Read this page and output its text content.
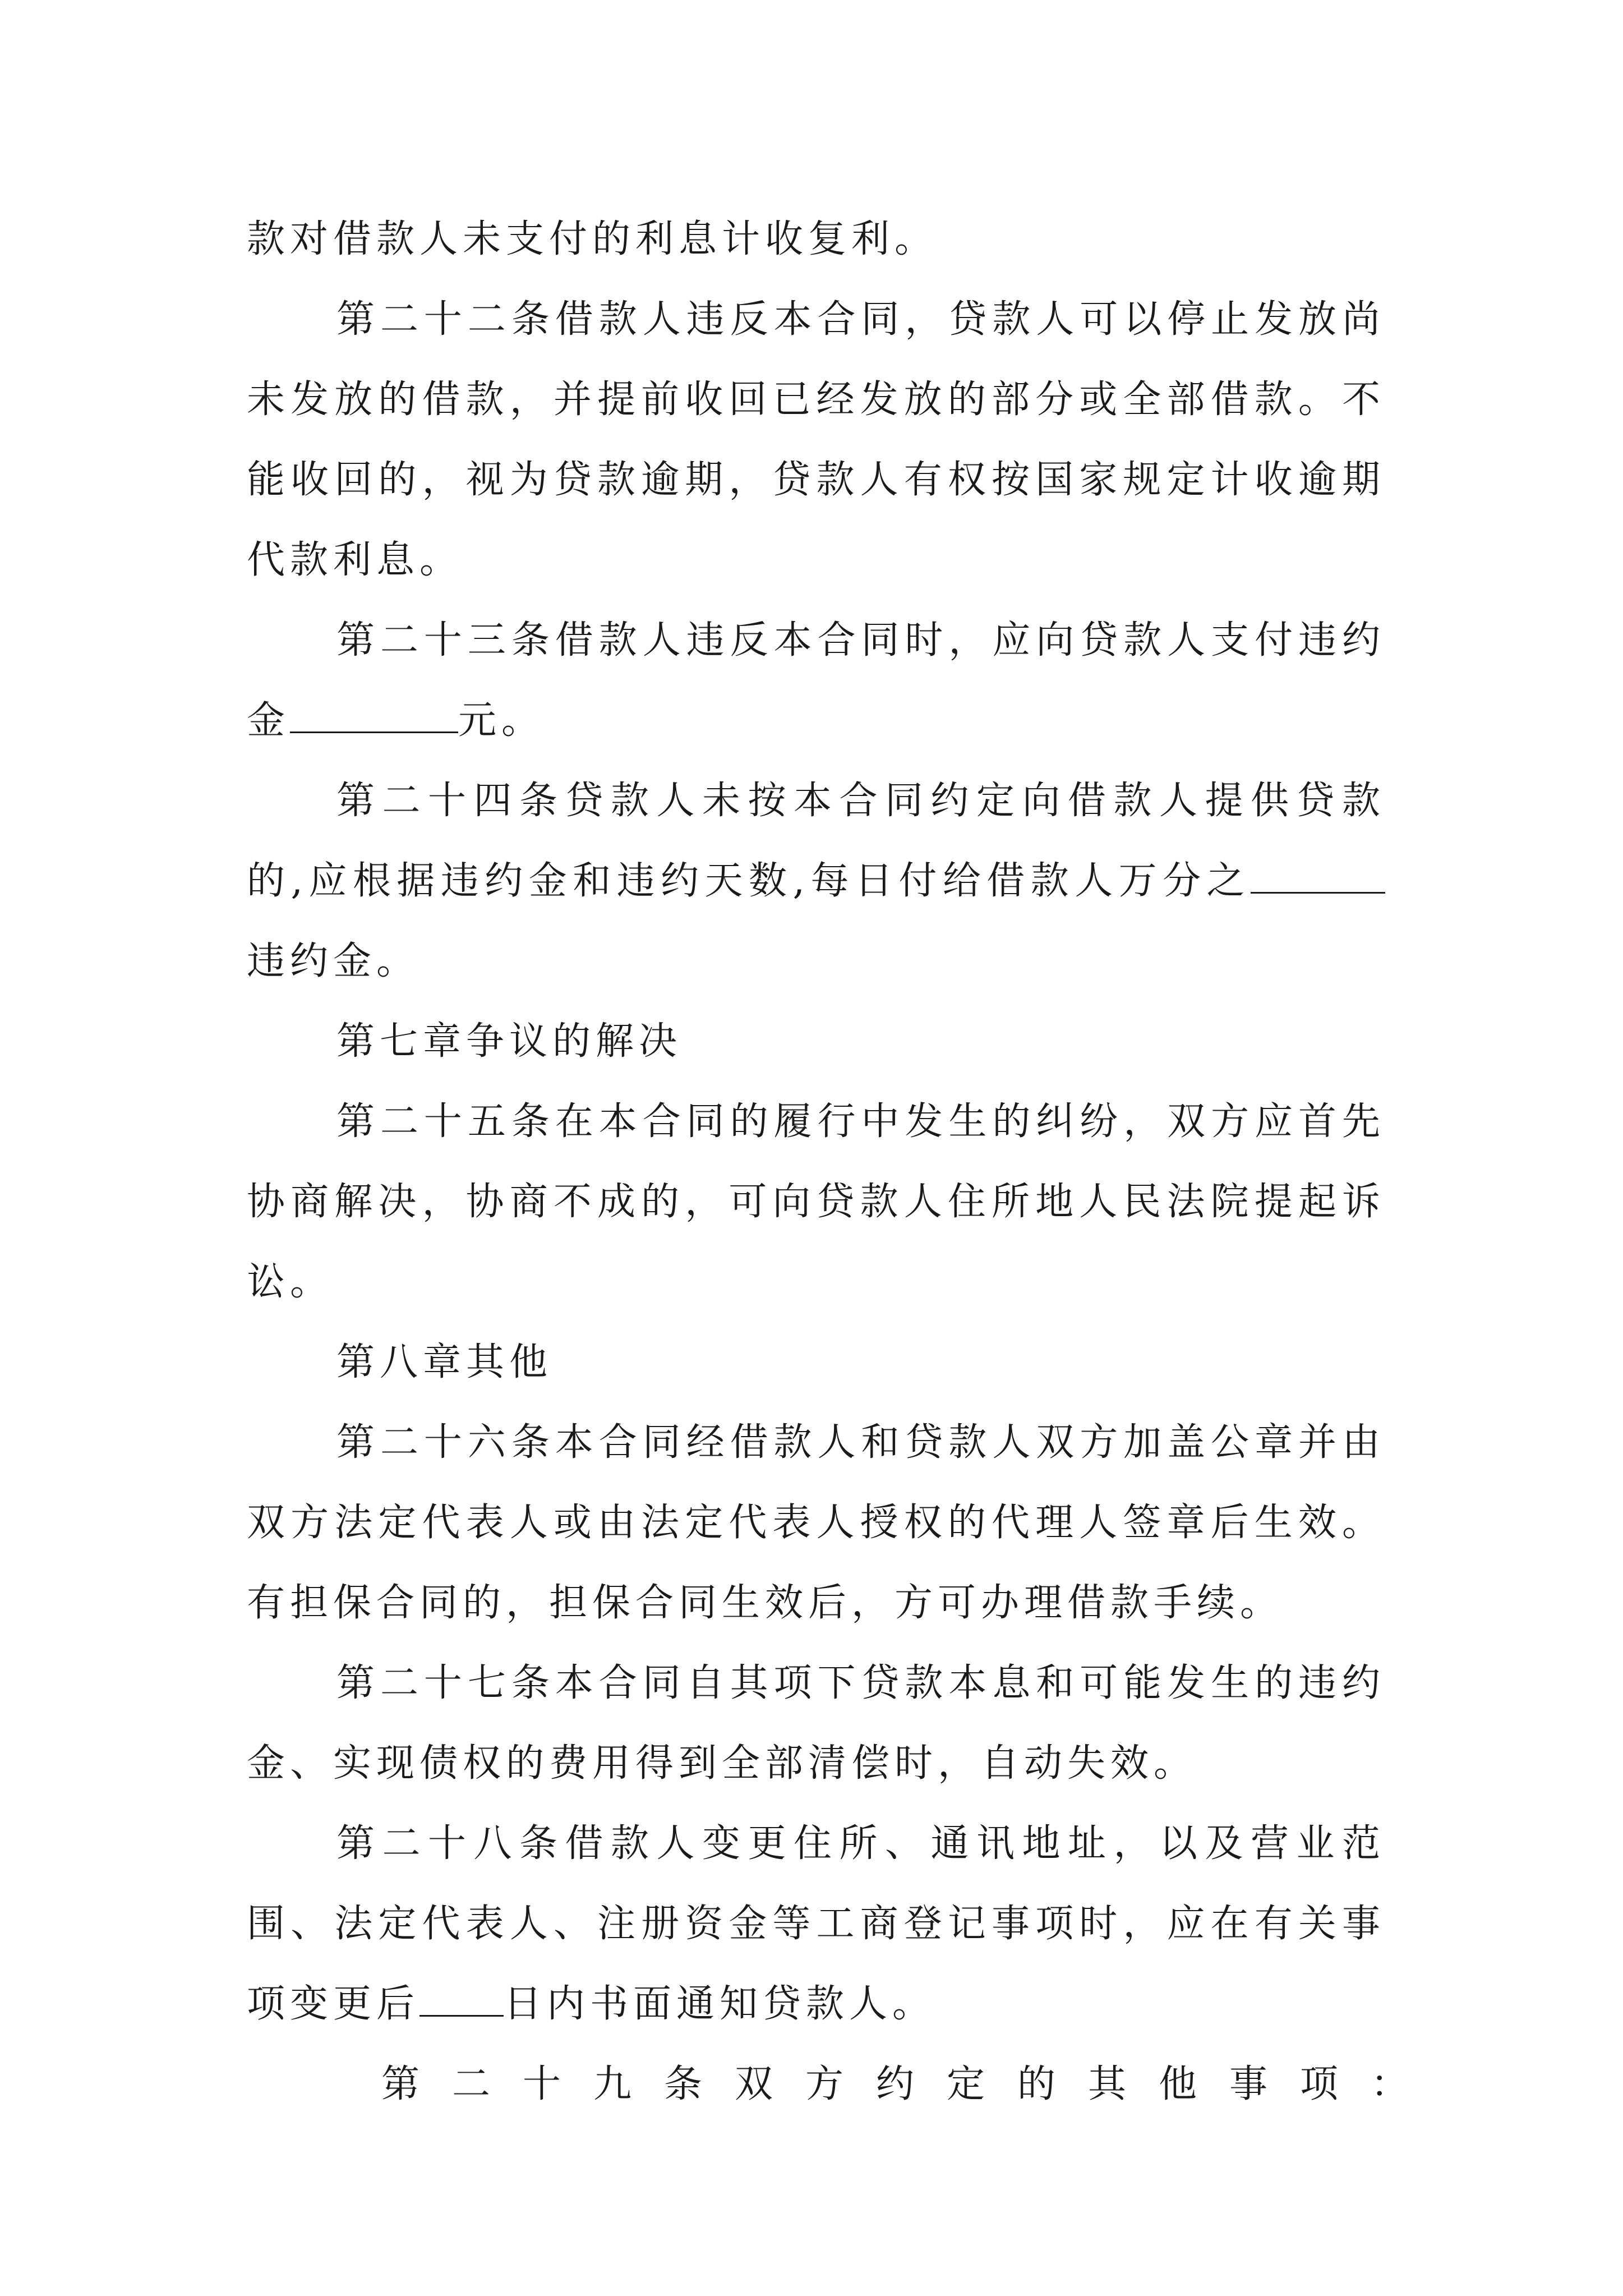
款对借款人未支付的利息计收复利。

第二十二条借款人违反本合同，贷款人可以停止发放尚未发放的借款，并提前收回已经发放的部分或全部借款。不能收回的，视为贷款逾期，贷款人有权按国家规定计收逾期代款利息。

第二十三条借款人违反本合同时，应向贷款人支付违约金	元。

第二十四条贷款人未按本合同约定向借款人提供贷款的,应根据违约金和违约天数,每日付给借款人万分之违约金。

第七章争议的解决

第二十五条在本合同的履行中发生的纠纷，双方应首先协商解决，协商不成的，可向贷款人住所地人民法院提起诉讼。

第八章其他

第二十六条本合同经借款人和贷款人双方加盖公章并由双方法定代表人或由法定代表人授权的代理人签章后生效。有担保合同的，担保合同生效后，方可办理借款手续。

第二十七条本合同自其项下贷款本息和可能发生的违约金、实现债权的费用得到全部清偿时，自动失效。

第二十八条借款人变更住所、通讯地址，以及营业范围、法定代表人、注册资金等工商登记事项时，应在有关事项变更后 日内书面通知贷款人。

第二十九条双方约定的其他事项：
